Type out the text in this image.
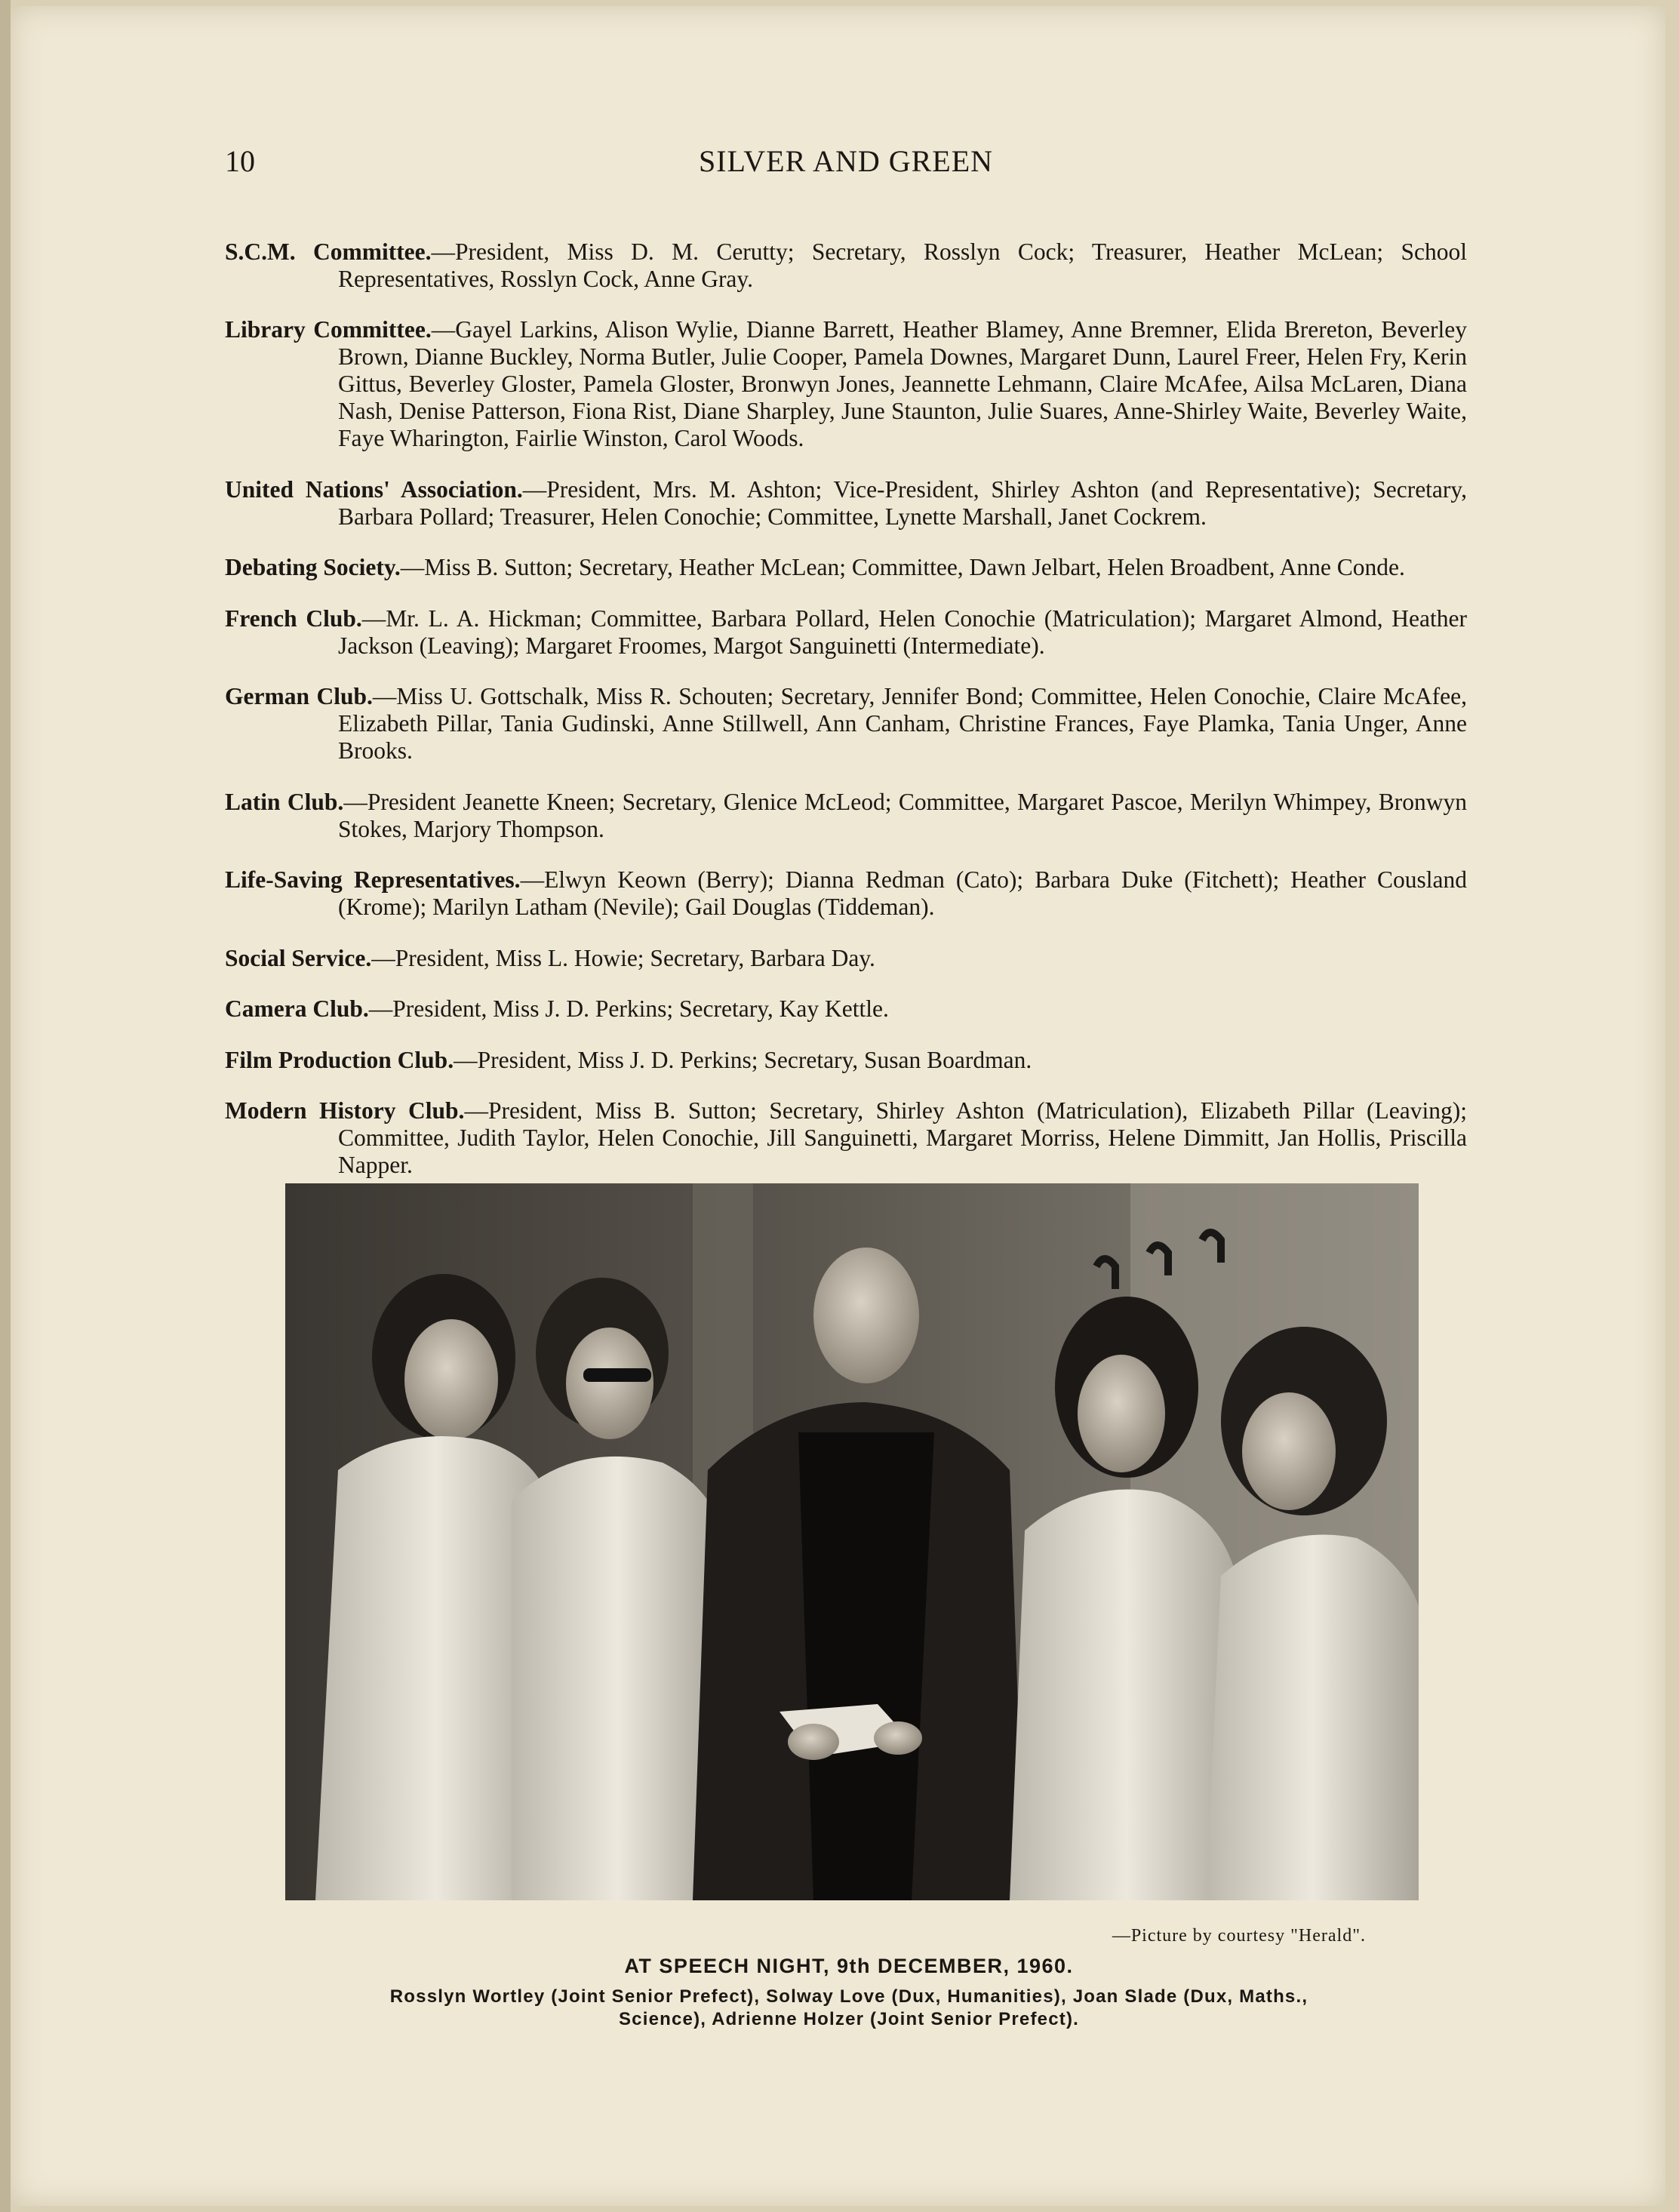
10	SILVER AND GREEN

S.C.M. Committee.—President, Miss D. M. Cerutty; Secretary, Rosslyn Cock; Treasurer, Heather McLean; School Representatives, Rosslyn Cock, Anne Gray.

Library Committee.—Gayel Larkins, Alison Wylie, Dianne Barrett, Heather Blamey, Anne Bremner, Elida Brereton, Beverley Brown, Dianne Buckley, Norma Butler, Julie Cooper, Pamela Downes, Margaret Dunn, Laurel Freer, Helen Fry, Kerin Gittus, Beverley Gloster, Pamela Gloster, Bronwyn Jones, Jeannette Lehmann, Claire McAfee, Ailsa McLaren, Diana Nash, Denise Patterson, Fiona Rist, Diane Sharpley, June Staunton, Julie Suares, Anne-Shirley Waite, Beverley Waite, Faye Wharington, Fairlie Winston, Carol Woods.

United Nations' Association.—President, Mrs. M. Ashton; Vice-President, Shirley Ashton (and Representative); Secretary, Barbara Pollard; Treasurer, Helen Conochie; Committee, Lynette Marshall, Janet Cockrem.

Debating Society.—Miss B. Sutton; Secretary, Heather McLean; Committee, Dawn Jelbart, Helen Broadbent, Anne Conde.

French Club.—Mr. L. A. Hickman; Committee, Barbara Pollard, Helen Conochie (Matriculation); Margaret Almond, Heather Jackson (Leaving); Margaret Froomes, Margot Sanguinetti (Intermediate).

German Club.—Miss U. Gottschalk, Miss R. Schouten; Secretary, Jennifer Bond; Committee, Helen Conochie, Claire McAfee, Elizabeth Pillar, Tania Gudinski, Anne Stillwell, Ann Canham, Christine Frances, Faye Plamka, Tania Unger, Anne Brooks.

Latin Club.—President Jeanette Kneen; Secretary, Glenice McLeod; Committee, Margaret Pascoe, Merilyn Whimpey, Bronwyn Stokes, Marjory Thompson.

Life-Saving Representatives.—Elwyn Keown (Berry); Dianna Redman (Cato); Barbara Duke (Fitchett); Heather Cousland (Krome); Marilyn Latham (Nevile); Gail Douglas (Tiddeman).

Social Service.—President, Miss L. Howie; Secretary, Barbara Day.

Camera Club.—President, Miss J. D. Perkins; Secretary, Kay Kettle.

Film Production Club.—President, Miss J. D. Perkins; Secretary, Susan Boardman.

Modern History Club.—President, Miss B. Sutton; Secretary, Shirley Ashton (Matriculation), Elizabeth Pillar (Leaving); Committee, Judith Taylor, Helen Conochie, Jill Sanguinetti, Margaret Morriss, Helene Dimmitt, Jan Hollis, Priscilla Napper.

—Picture by courtesy "Herald".
AT SPEECH NIGHT, 9th DECEMBER, 1960.
Rosslyn Wortley (Joint Senior Prefect), Solway Love (Dux, Humanities), Joan Slade (Dux, Maths., Science), Adrienne Holzer (Joint Senior Prefect).
